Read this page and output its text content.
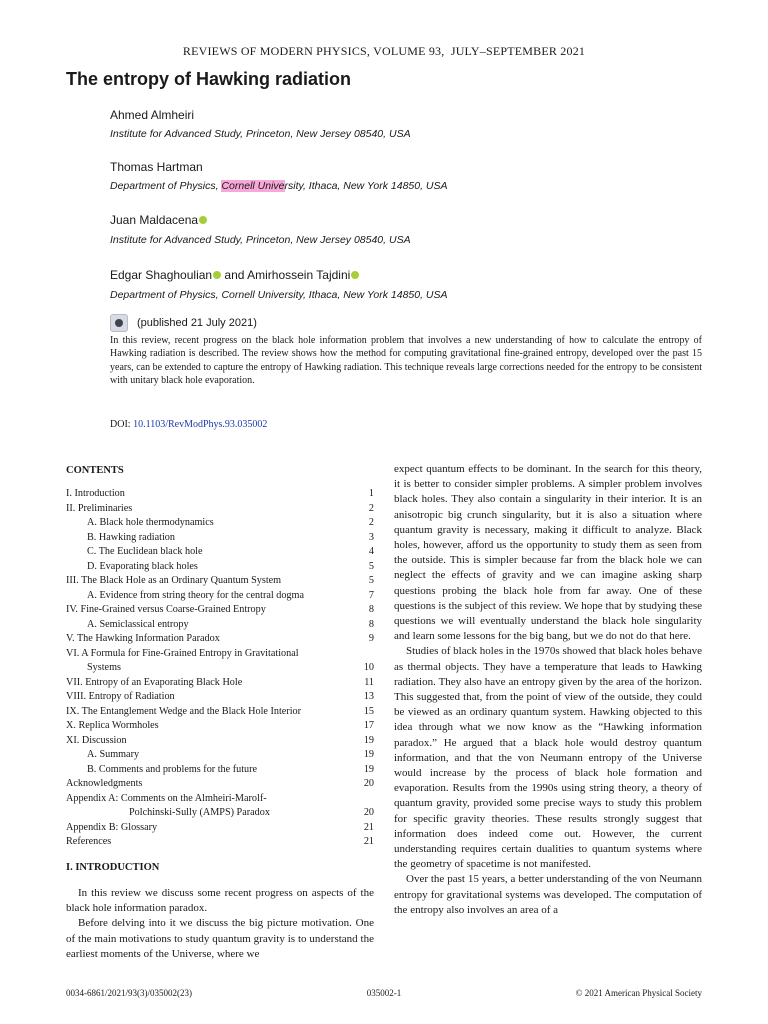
REVIEWS OF MODERN PHYSICS, VOLUME 93,  JULY–SEPTEMBER 2021
The entropy of Hawking radiation
Ahmed Almheiri
Institute for Advanced Study, Princeton, New Jersey 08540, USA
Thomas Hartman
Department of Physics, Cornell University, Ithaca, New York 14850, USA
Juan Maldacena
Institute for Advanced Study, Princeton, New Jersey 08540, USA
Edgar Shaghoulian and Amirhossein Tajdini
Department of Physics, Cornell University, Ithaca, New York 14850, USA
(published 21 July 2021)
In this review, recent progress on the black hole information problem that involves a new understanding of how to calculate the entropy of Hawking radiation is described. The review shows how the method for computing gravitational fine-grained entropy, developed over the past 15 years, can be extended to capture the entropy of Hawking radiation. This technique reveals large corrections needed for the entropy to be consistent with unitary black hole evaporation.
DOI: 10.1103/RevModPhys.93.035002
CONTENTS
I. Introduction	1
II. Preliminaries	2
A. Black hole thermodynamics	2
B. Hawking radiation	3
C. The Euclidean black hole	4
D. Evaporating black holes	5
III. The Black Hole as an Ordinary Quantum System	5
A. Evidence from string theory for the central dogma	7
IV. Fine-Grained versus Coarse-Grained Entropy	8
A. Semiclassical entropy	8
V. The Hawking Information Paradox	9
VI. A Formula for Fine-Grained Entropy in Gravitational
Systems	10
VII. Entropy of an Evaporating Black Hole	11
VIII. Entropy of Radiation	13
IX. The Entanglement Wedge and the Black Hole Interior	15
X. Replica Wormholes	17
XI. Discussion	19
A. Summary	19
B. Comments and problems for the future	19
Acknowledgments	20
Appendix A: Comments on the Almheiri-Marolf-
Polchinski-Sully (AMPS) Paradox	20
Appendix B: Glossary	21
References	21
I. INTRODUCTION

In this review we discuss some recent progress on aspects of the black hole information paradox.

Before delving into it we discuss the big picture motivation. One of the main motivations to study quantum gravity is to understand the earliest moments of the Universe, where we

expect quantum effects to be dominant. In the search for this theory, it is better to consider simpler problems. A simpler problem involves black holes. They also contain a singularity in their interior. It is an anisotropic big crunch singularity, but it is also a situation where quantum gravity is necessary, making it difficult to analyze. Black holes, however, afford us the opportunity to study them as seen from the outside. This is simpler because far from the black hole we can neglect the effects of gravity and we can imagine asking sharp questions probing the black hole from far away. One of these questions is the subject of this review. We hope that by studying these questions we will eventually understand the black hole singularity and learn some lessons for the big bang, but we do not do that here.

Studies of black holes in the 1970s showed that black holes behave as thermal objects. They have a temperature that leads to Hawking radiation. They also have an entropy given by the area of the horizon. This suggested that, from the point of view of the outside, they could be viewed as an ordinary quantum system. Hawking objected to this idea through what we now know as the “Hawking information paradox.” He argued that a black hole would destroy quantum information, and that the von Neumann entropy of the Universe would increase by the process of black hole formation and evaporation. Results from the 1990s using string theory, a theory of quantum gravity, provided some precise ways to study this problem for specific gravity theories. These results strongly suggest that information does indeed come out. However, the current understanding requires certain dualities to quantum systems where the geometry of spacetime is not manifested.

Over the past 15 years, a better understanding of the von Neumann entropy for gravitational systems was developed. The computation of the entropy also involves an area of a

0034-6861/2021/93(3)/035002(23)	035002-1	© 2021 American Physical Society
